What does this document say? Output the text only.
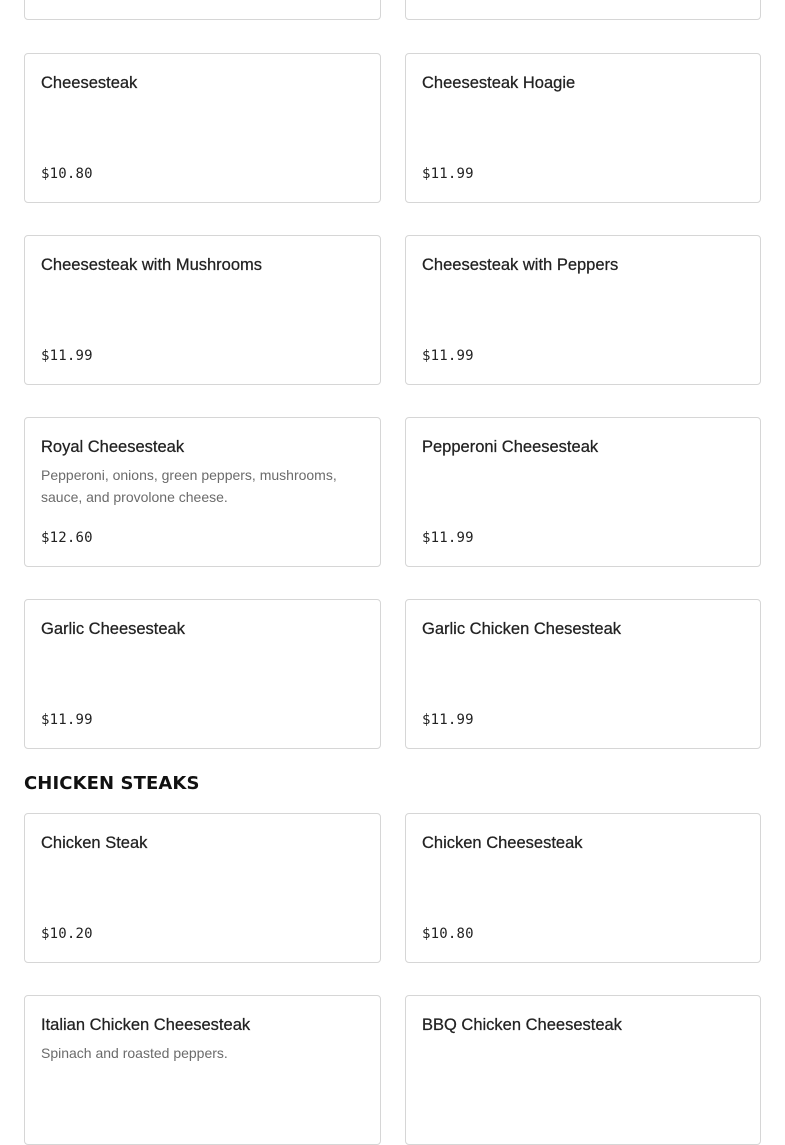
Cheesesteak
$10.80
Cheesesteak Hoagie
$11.99
Cheesesteak with Mushrooms
$11.99
Cheesesteak with Peppers
$11.99
Royal Cheesesteak
Pepperoni, onions, green peppers, mushrooms, sauce, and provolone cheese.
$12.60
Pepperoni Cheesesteak
$11.99
Garlic Cheesesteak
$11.99
Garlic Chicken Chesesteak
$11.99
CHICKEN STEAKS
Chicken Steak
$10.20
Chicken Cheesesteak
$10.80
Italian Chicken Cheesesteak
Spinach and roasted peppers.
BBQ Chicken Cheesesteak
